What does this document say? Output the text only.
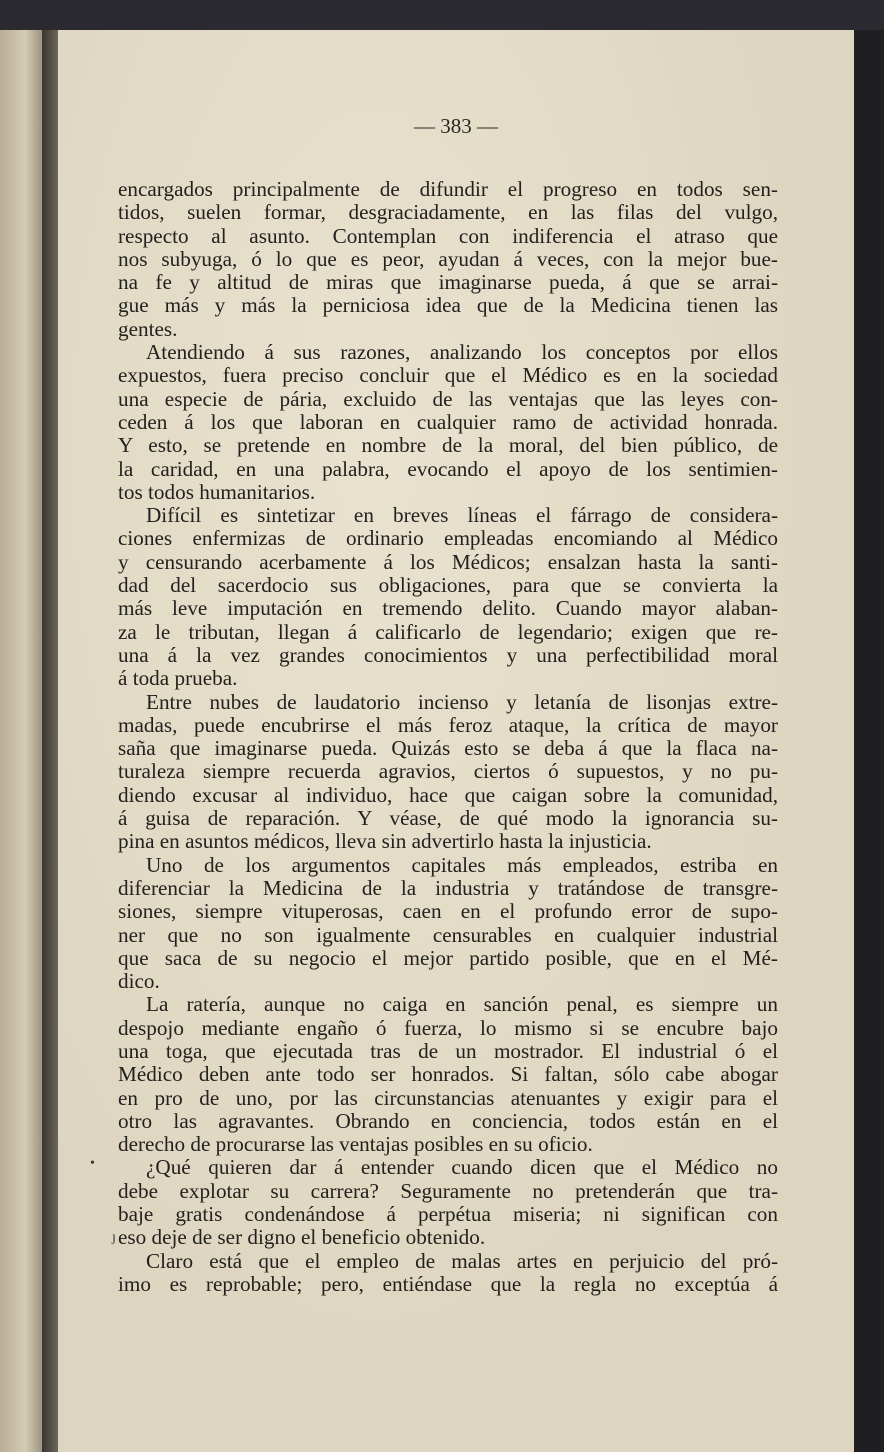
— 383 —
encargados principalmente de difundir el progreso en todos sen-
tidos, suelen formar, desgraciadamente, en las filas del vulgo,
respecto al asunto. Contemplan con indiferencia el atraso que
nos subyuga, ó lo que es peor, ayudan á veces, con la mejor bue-
na fe y altitud de miras que imaginarse pueda, á que se arrai-
gue más y más la perniciosa idea que de la Medicina tienen las
gentes.
Atendiendo á sus razones, analizando los conceptos por ellos
expuestos, fuera preciso concluir que el Médico es en la sociedad
una especie de pária, excluido de las ventajas que las leyes con-
ceden á los que laboran en cualquier ramo de actividad honrada.
Y esto, se pretende en nombre de la moral, del bien público, de
la caridad, en una palabra, evocando el apoyo de los sentimien-
tos todos humanitarios.
Difícil es sintetizar en breves líneas el fárrago de considera-
ciones enfermizas de ordinario empleadas encomiando al Médico
y censurando acerbamente á los Médicos; ensalzan hasta la santi-
dad del sacerdocio sus obligaciones, para que se convierta la
más leve imputación en tremendo delito. Cuando mayor alaban-
za le tributan, llegan á calificarlo de legendario; exigen que re-
una á la vez grandes conocimientos y una perfectibilidad moral
á toda prueba.
Entre nubes de laudatorio incienso y letanía de lisonjas extre-
madas, puede encubrirse el más feroz ataque, la crítica de mayor
saña que imaginarse pueda. Quizás esto se deba á que la flaca na-
turaleza siempre recuerda agravios, ciertos ó supuestos, y no pu-
diendo excusar al individuo, hace que caigan sobre la comunidad,
á guisa de reparación. Y véase, de qué modo la ignorancia su-
pina en asuntos médicos, lleva sin advertirlo hasta la injusticia.
Uno de los argumentos capitales más empleados, estriba en
diferenciar la Medicina de la industria y tratándose de transgre-
siones, siempre vituperosas, caen en el profundo error de supo-
ner que no son igualmente censurables en cualquier industrial
que saca de su negocio el mejor partido posible, que en el Mé-
dico.
La ratería, aunque no caiga en sanción penal, es siempre un
despojo mediante engaño ó fuerza, lo mismo si se encubre bajo
una toga, que ejecutada tras de un mostrador. El industrial ó el
Médico deben ante todo ser honrados. Si faltan, sólo cabe abogar
en pro de uno, por las circunstancias atenuantes y exigir para el
otro las agravantes. Obrando en conciencia, todos están en el
derecho de procurarse las ventajas posibles en su oficio.
¿Qué quieren dar á entender cuando dicen que el Médico no
debe explotar su carrera? Seguramente no pretenderán que tra-
baje gratis condenándose á perpétua miseria; ni significan con
eso deje de ser digno el beneficio obtenido.
Claro está que el empleo de malas artes en perjuicio del pró-
imo es reprobable; pero, entiéndase que la regla no exceptúa á
•
ȷ
